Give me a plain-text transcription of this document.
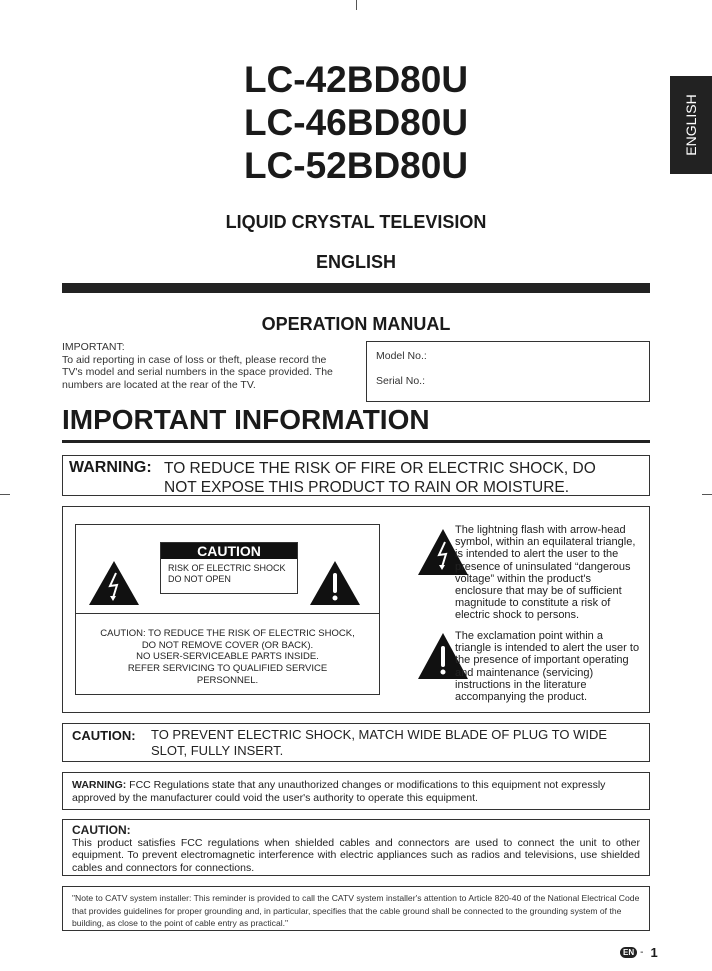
LC-42BD80U
LC-46BD80U
LC-52BD80U
ENGLISH
LIQUID CRYSTAL TELEVISION
ENGLISH
OPERATION MANUAL
IMPORTANT:
To aid reporting in case of loss or theft, please record the TV's model and serial numbers in the space provided. The numbers are located at the rear of the TV.
Model No.:
Serial No.:
IMPORTANT INFORMATION
WARNING: TO REDUCE THE RISK OF FIRE OR ELECTRIC SHOCK, DO
NOT EXPOSE THIS PRODUCT TO RAIN OR MOISTURE.
CAUTION
RISK OF ELECTRIC SHOCK
DO NOT OPEN
CAUTION: TO REDUCE THE RISK OF ELECTRIC SHOCK,
DO NOT REMOVE COVER (OR BACK).
NO USER-SERVICEABLE PARTS INSIDE.
REFER SERVICING TO QUALIFIED SERVICE
PERSONNEL.
The lightning flash with arrow-head symbol, within an equilateral triangle, is intended to alert the user to the presence of uninsulated “dangerous voltage” within the product's enclosure that may be of sufficient magnitude to constitute a risk of electric shock to persons.
The exclamation point within a triangle is intended to alert the user to the presence of important operating and maintenance (servicing) instructions in the literature accompanying the product.
CAUTION: TO PREVENT ELECTRIC SHOCK, MATCH WIDE BLADE OF PLUG TO WIDE
SLOT, FULLY INSERT.
WARNING: FCC Regulations state that any unauthorized changes or modifications to this equipment not expressly approved by the manufacturer could void the user's authority to operate this equipment.
CAUTION:
This product satisfies FCC regulations when shielded cables and connectors are used to connect the unit to other equipment. To prevent electromagnetic interference with electric appliances such as radios and televisions, use shielded cables and connectors for connections.
"Note to CATV system installer: This reminder is provided to call the CATV system installer's attention to Article 820-40 of the National Electrical Code that provides guidelines for proper grounding and, in particular, specifies that the cable ground shall be connected to the grounding system of the building, as close to the point of cable entry as practical."
EN - 1
